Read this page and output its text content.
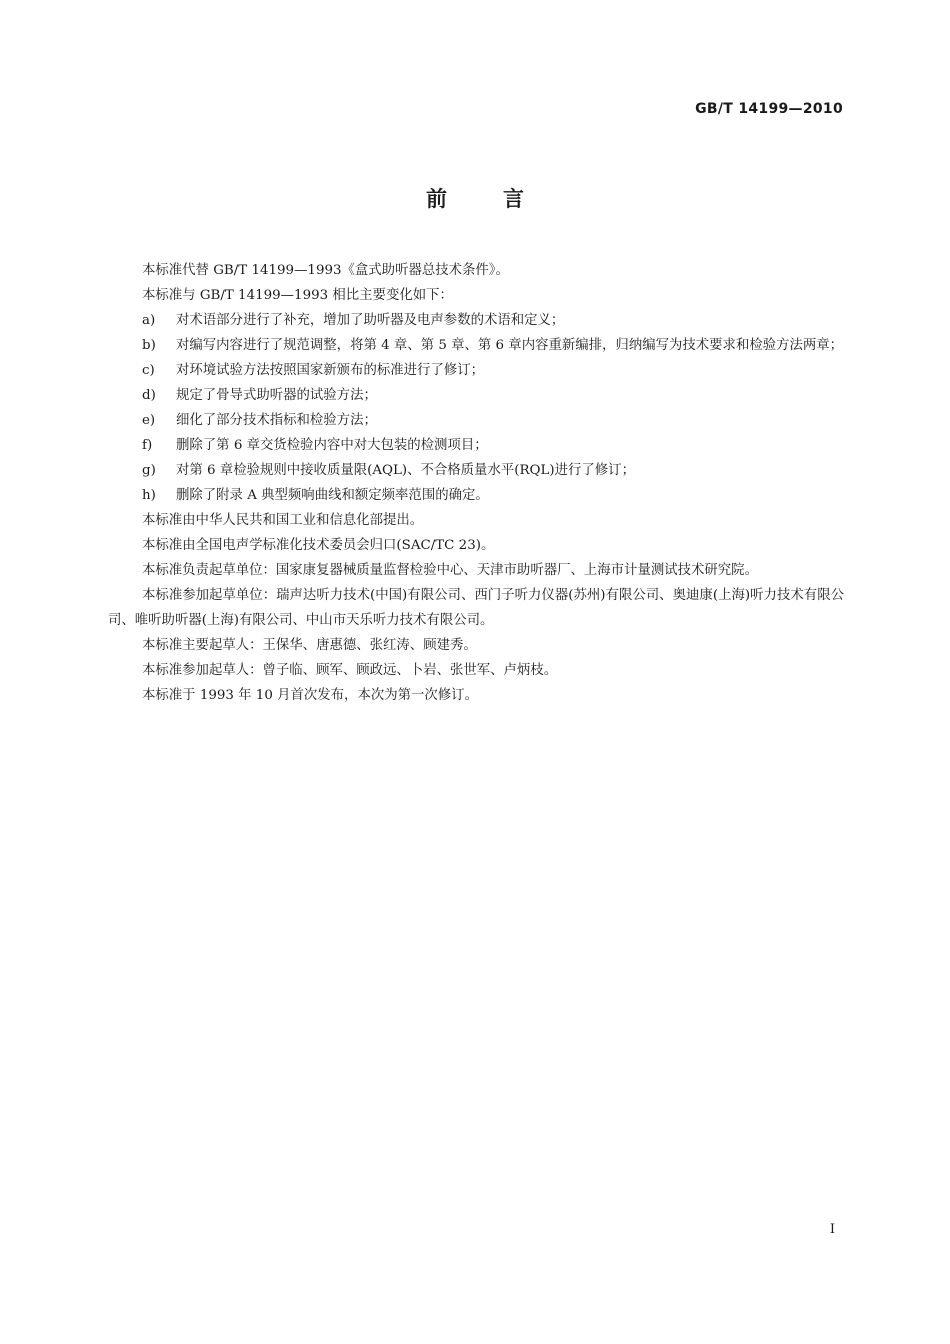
GB/T 14199—2010
前言

本标准代替 GB/T 14199—1993《盒式助听器总技术条件》。

本标准与 GB/T 14199—1993 相比主要变化如下：

a) 对术语部分进行了补充，增加了助听器及电声参数的术语和定义；
b) 对编写内容进行了规范调整，将第 4 章、第 5 章、第 6 章内容重新编排，归纳编写为技术要求和检验方法两章；
c) 对环境试验方法按照国家新颁布的标准进行了修订；
d) 规定了骨导式助听器的试验方法；
e) 细化了部分技术指标和检验方法；
f) 删除了第 6 章交货检验内容中对大包装的检测项目；
g) 对第 6 章检验规则中接收质量限(AQL)、不合格质量水平(RQL)进行了修订；
h) 删除了附录 A 典型频响曲线和额定频率范围的确定。

本标准由中华人民共和国工业和信息化部提出。

本标准由全国电声学标准化技术委员会归口(SAC/TC 23)。

本标准负责起草单位：国家康复器械质量监督检验中心、天津市助听器厂、上海市计量测试技术研究院。

本标准参加起草单位：瑞声达听力技术(中国)有限公司、西门子听力仪器(苏州)有限公司、奥迪康(上海)听力技术有限公司、唯听助听器(上海)有限公司、中山市天乐听力技术有限公司。

本标准主要起草人：王保华、唐惠德、张红涛、顾建秀。

本标准参加起草人：曾子临、顾军、顾政远、卜岩、张世军、卢炳枝。

本标准于 1993 年 10 月首次发布，本次为第一次修订。

I
